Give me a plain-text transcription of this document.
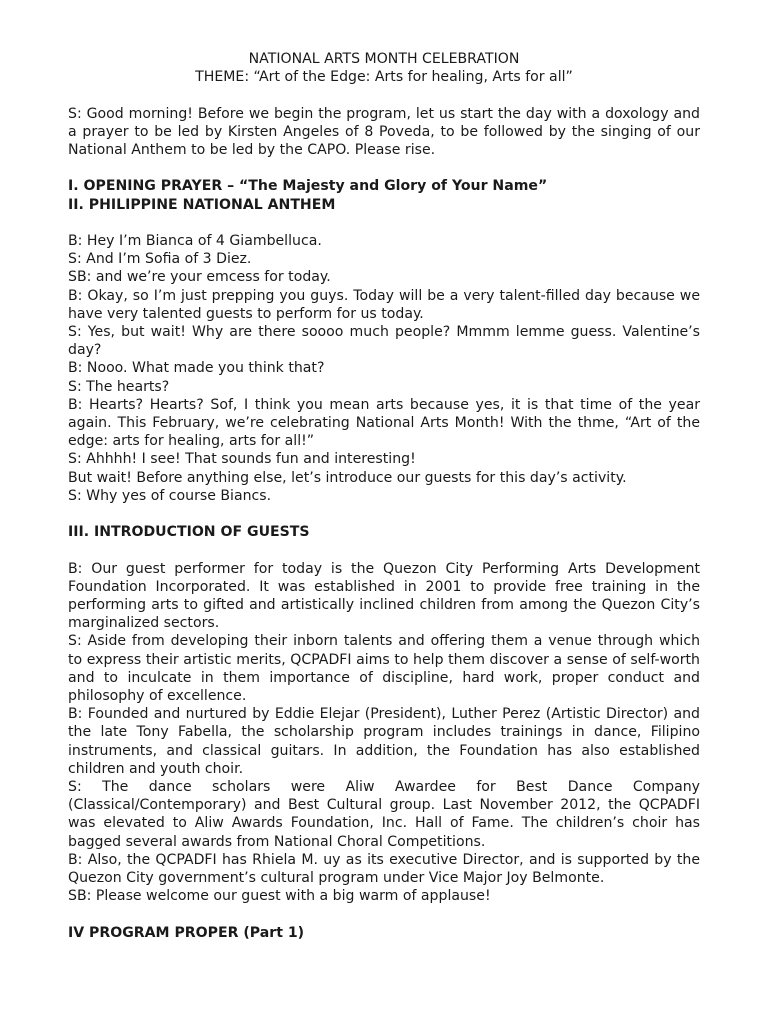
NATIONAL ARTS MONTH CELEBRATION

THEME: “Art of the Edge: Arts for healing, Arts for all”

S: Good morning! Before we begin the program, let us start the day with a doxology and a prayer to be led by Kirsten Angeles of 8 Poveda, to be followed by the singing of our National Anthem to be led by the CAPO. Please rise.

I. OPENING PRAYER – “The Majesty and Glory of Your Name”

II. PHILIPPINE NATIONAL ANTHEM

B: Hey I’m Bianca of 4 Giambelluca.

S: And I’m Sofia of 3 Diez.

SB: and we’re your emcess for today.

B: Okay, so I’m just prepping you guys. Today will be a very talent-filled day because we have very talented guests to perform for us today.

S: Yes, but wait! Why are there soooo much people? Mmmm lemme guess. Valentine’s day?

B: Nooo. What made you think that?

S: The hearts?

B: Hearts? Hearts? Sof, I think you mean arts because yes, it is that time of the year again. This February, we’re celebrating National Arts Month! With the thme, “Art of the edge: arts for healing, arts for all!”

S: Ahhhh! I see! That sounds fun and interesting!

But wait! Before anything else, let’s introduce our guests for this day’s activity.

S: Why yes of course Biancs.

III. INTRODUCTION OF GUESTS

B: Our guest performer for today is the Quezon City Performing Arts Development Foundation Incorporated. It was established in 2001 to provide free training in the performing arts to gifted and artistically inclined children from among the Quezon City’s marginalized sectors.

S: Aside from developing their inborn talents and offering them a venue through which to express their artistic merits, QCPADFI aims to help them discover a sense of self-worth and to inculcate in them importance of discipline, hard work, proper conduct and philosophy of excellence.

B: Founded and nurtured by Eddie Elejar (President), Luther Perez (Artistic Director) and the late Tony Fabella, the scholarship program includes trainings in dance, Filipino instruments, and classical guitars. In addition, the Foundation has also established children and youth choir.

S: The dance scholars were Aliw Awardee for Best Dance Company (Classical/Contemporary) and Best Cultural group. Last November 2012, the QCPADFI was elevated to Aliw Awards Foundation, Inc. Hall of Fame. The children’s choir has bagged several awards from National Choral Competitions.

B: Also, the QCPADFI has Rhiela M. uy as its executive Director, and is supported by the Quezon City government’s cultural program under Vice Major Joy Belmonte.

SB: Please welcome our guest with a big warm of applause!

IV PROGRAM PROPER (Part 1)
